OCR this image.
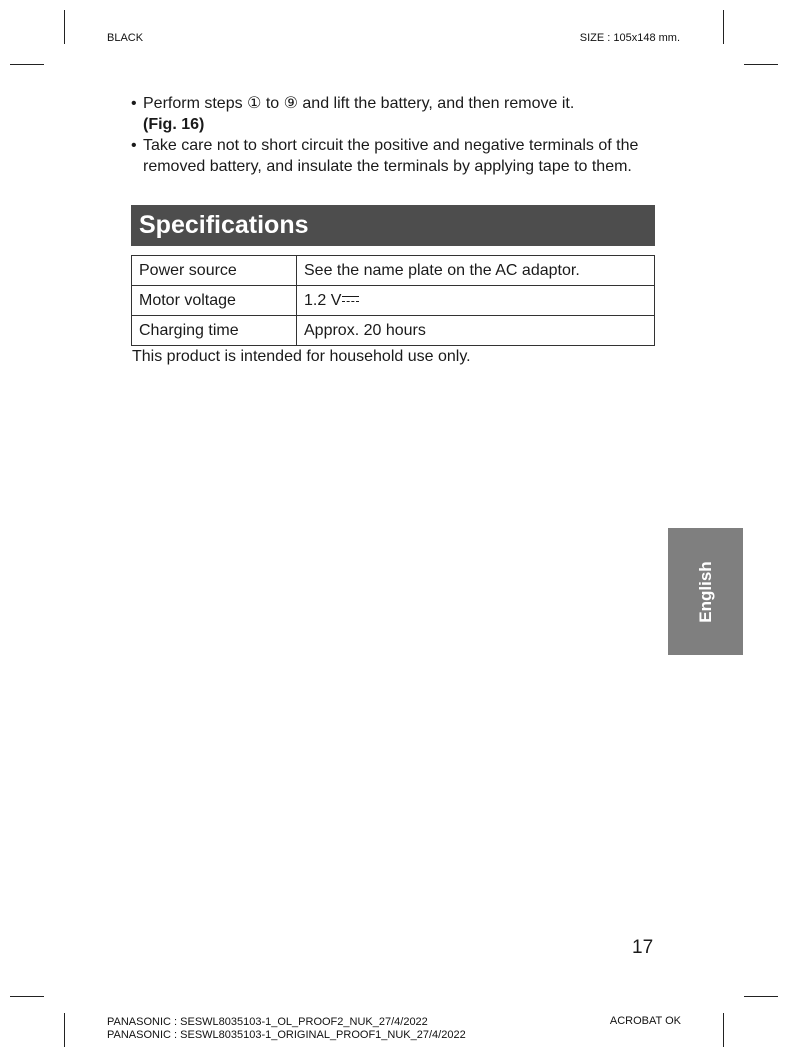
BLACK	SIZE : 105x148 mm.
• Perform steps ① to ⑨ and lift the battery, and then remove it.
(Fig. 16)
• Take care not to short circuit the positive and negative terminals of the removed battery, and insulate the terminals by applying tape to them.
Specifications
Power source	See the name plate on the AC adaptor.
Motor voltage	1.2 V
Charging time	Approx. 20 hours
This product is intended for household use only.
English
17
PANASONIC : SESWL8035103-1_OL_PROOF2_NUK_27/4/2022
PANASONIC : SESWL8035103-1_ORIGINAL_PROOF1_NUK_27/4/2022
ACROBAT OK
